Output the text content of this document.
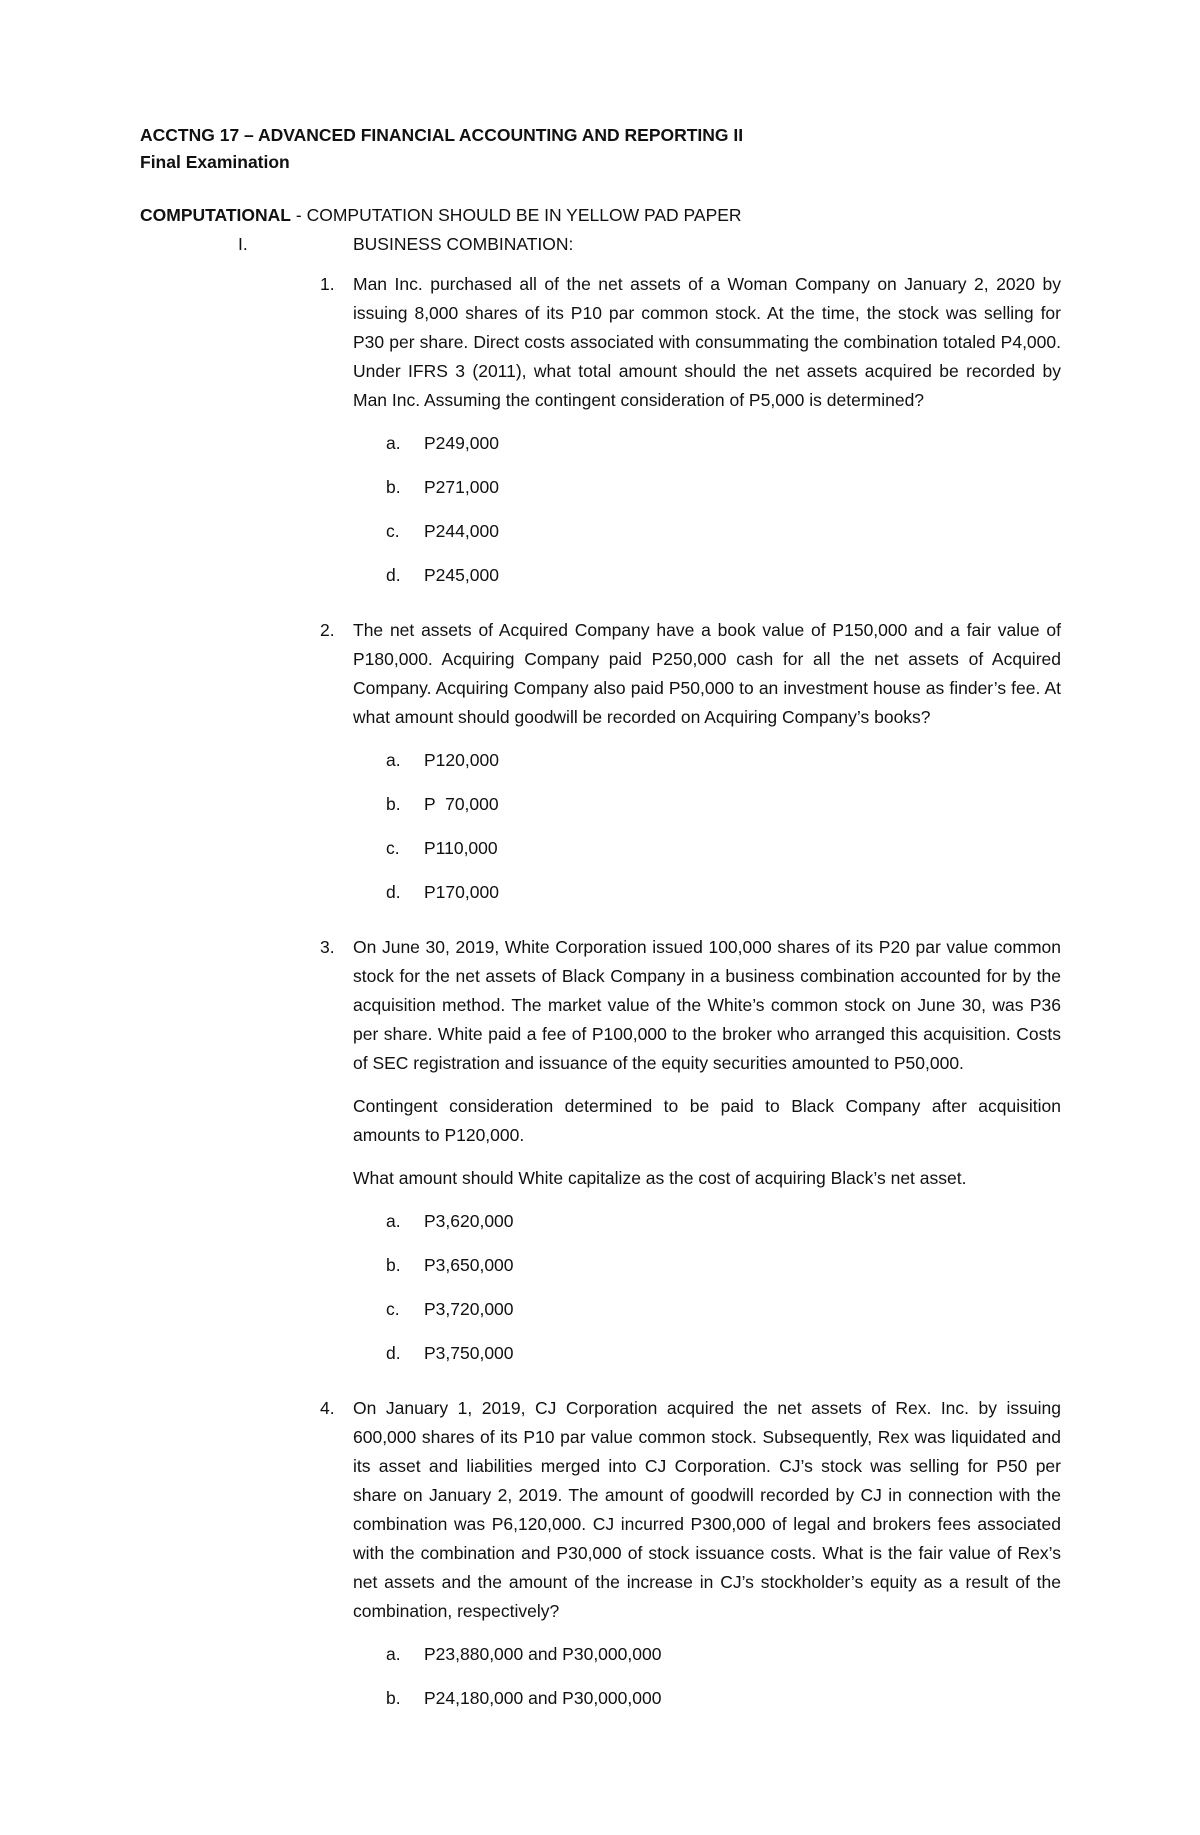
ACCTNG 17 – ADVANCED FINANCIAL ACCOUNTING AND REPORTING II
Final Examination
COMPUTATIONAL - COMPUTATION SHOULD BE IN YELLOW PAD PAPER
I.	BUSINESS COMBINATION:
1. Man Inc. purchased all of the net assets of a Woman Company on January 2, 2020 by issuing 8,000 shares of its P10 par common stock. At the time, the stock was selling for P30 per share. Direct costs associated with consummating the combination totaled P4,000. Under IFRS 3 (2011), what total amount should the net assets acquired be recorded by Man Inc. Assuming the contingent consideration of P5,000 is determined?

a. P249,000
b. P271,000
c. P244,000
d. P245,000
2. The net assets of Acquired Company have a book value of P150,000 and a fair value of P180,000. Acquiring Company paid P250,000 cash for all the net assets of Acquired Company. Acquiring Company also paid P50,000 to an investment house as finder’s fee. At what amount should goodwill be recorded on Acquiring Company’s books?

a. P120,000
b. P  70,000
c. P110,000
d. P170,000
3. On June 30, 2019, White Corporation issued 100,000 shares of its P20 par value common stock for the net assets of Black Company in a business combination accounted for by the acquisition method. The market value of the White’s common stock on June 30, was P36 per share. White paid a fee of P100,000 to the broker who arranged this acquisition. Costs of SEC registration and issuance of the equity securities amounted to P50,000.

Contingent consideration determined to be paid to Black Company after acquisition amounts to P120,000.

What amount should White capitalize as the cost of acquiring Black’s net asset.

a. P3,620,000
b. P3,650,000
c. P3,720,000
d. P3,750,000
4. On January 1, 2019, CJ Corporation acquired the net assets of Rex. Inc. by issuing 600,000 shares of its P10 par value common stock. Subsequently, Rex was liquidated and its asset and liabilities merged into CJ Corporation. CJ’s stock was selling for P50 per share on January 2, 2019. The amount of goodwill recorded by CJ in connection with the combination was P6,120,000. CJ incurred P300,000 of legal and brokers fees associated with the combination and P30,000 of stock issuance costs. What is the fair value of Rex’s net assets and the amount of the increase in CJ’s stockholder’s equity as a result of the combination, respectively?

a. P23,880,000 and P30,000,000
b. P24,180,000 and P30,000,000
